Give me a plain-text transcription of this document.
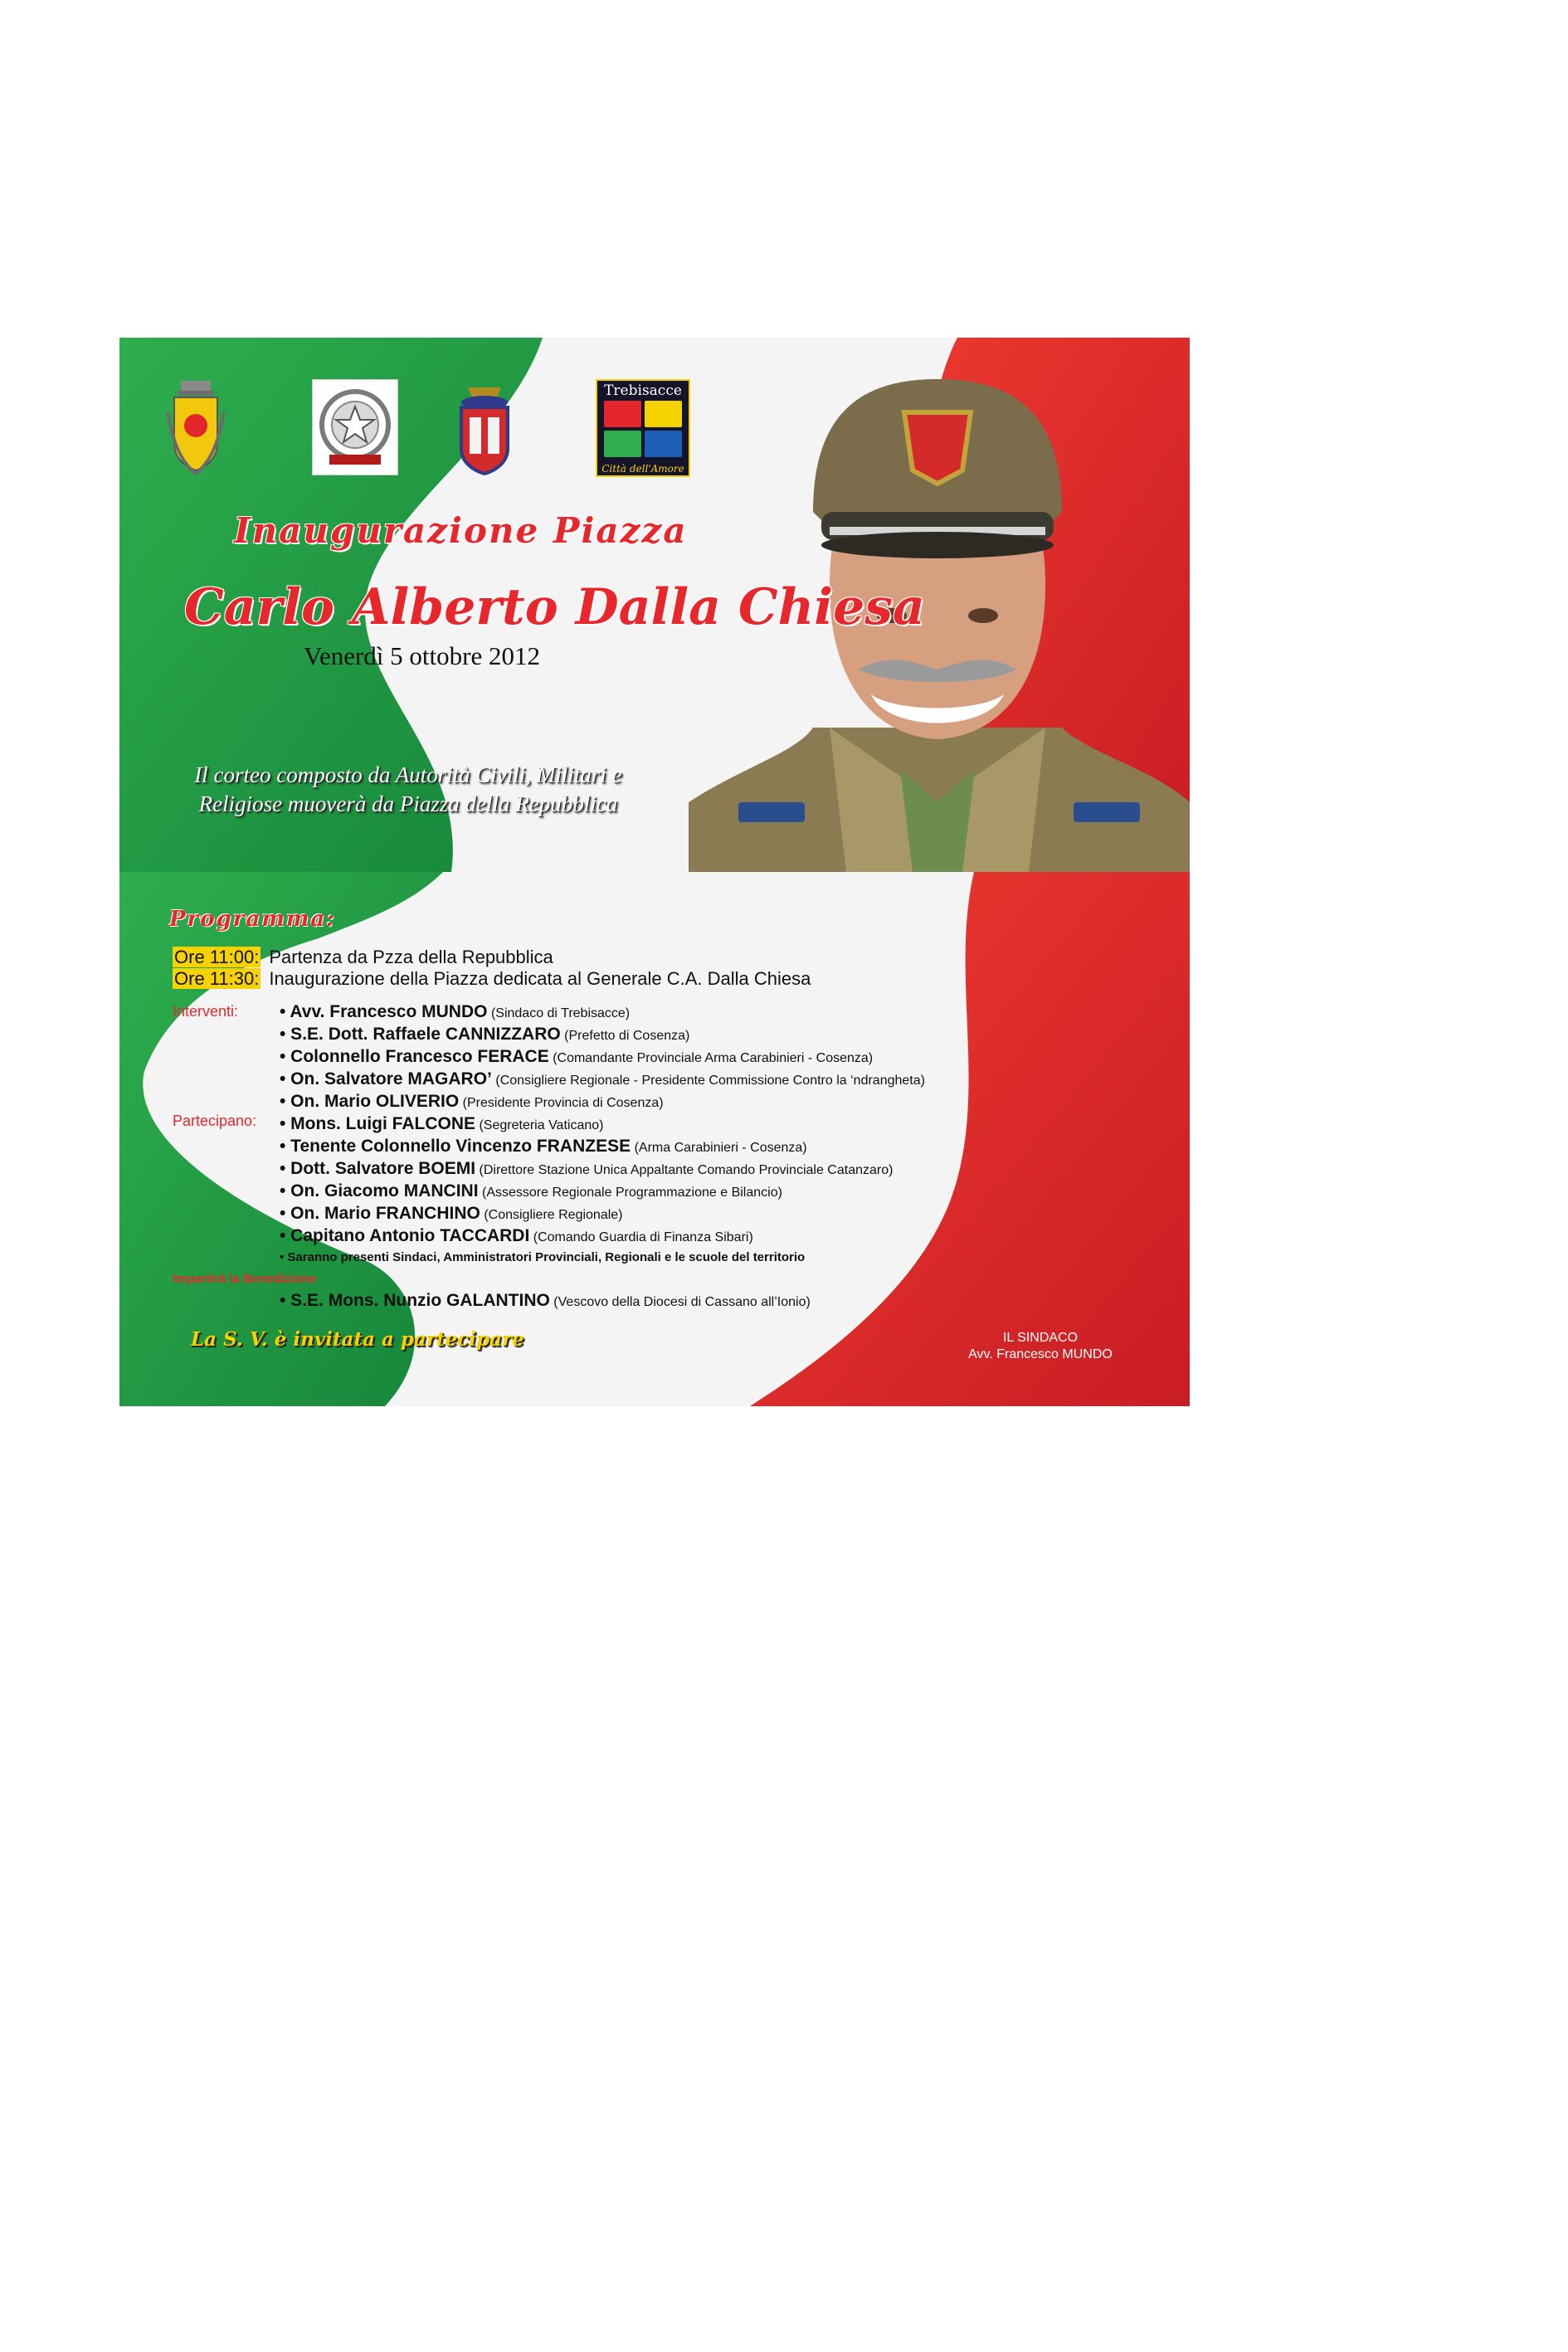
Trebisacce
Città dell'Amore
Inaugurazione Piazza
Carlo Alberto Dalla Chiesa
Venerdì 5 ottobre 2012
Il corteo composto da Autorità Civili, Militari e Religiose muoverà da Piazza della Repubblica
Programma:
Ore 11:00: Partenza da Pzza della Repubblica
Ore 11:30: Inaugurazione della Piazza dedicata al Generale C.A. Dalla Chiesa
Interventi:
Partecipano:
Impartirà la Benedizione
• Avv. Francesco MUNDO (Sindaco di Trebisacce)
• S.E. Dott. Raffaele CANNIZZARO (Prefetto di Cosenza)
• Colonnello Francesco FERACE (Comandante Provinciale Arma Carabinieri - Cosenza)
• On. Salvatore MAGARO’ (Consigliere Regionale - Presidente Commissione Contro la ‘ndrangheta)
• On. Mario OLIVERIO (Presidente Provincia di Cosenza)
• Mons. Luigi FALCONE (Segreteria Vaticano)
• Tenente Colonnello Vincenzo FRANZESE (Arma Carabinieri - Cosenza)
• Dott. Salvatore BOEMI (Direttore Stazione Unica Appaltante Comando Provinciale Catanzaro)
• On. Giacomo MANCINI (Assessore Regionale Programmazione e Bilancio)
• On. Mario FRANCHINO (Consigliere Regionale)
• Capitano Antonio TACCARDI (Comando Guardia di Finanza Sibari)
• Saranno presenti Sindaci, Amministratori Provinciali, Regionali e le scuole del territorio
• S.E. Mons. Nunzio GALANTINO (Vescovo della Diocesi di Cassano all’Ionio)
La S. V. è invitata a partecipare	IL SINDACO
Avv. Francesco MUNDO
